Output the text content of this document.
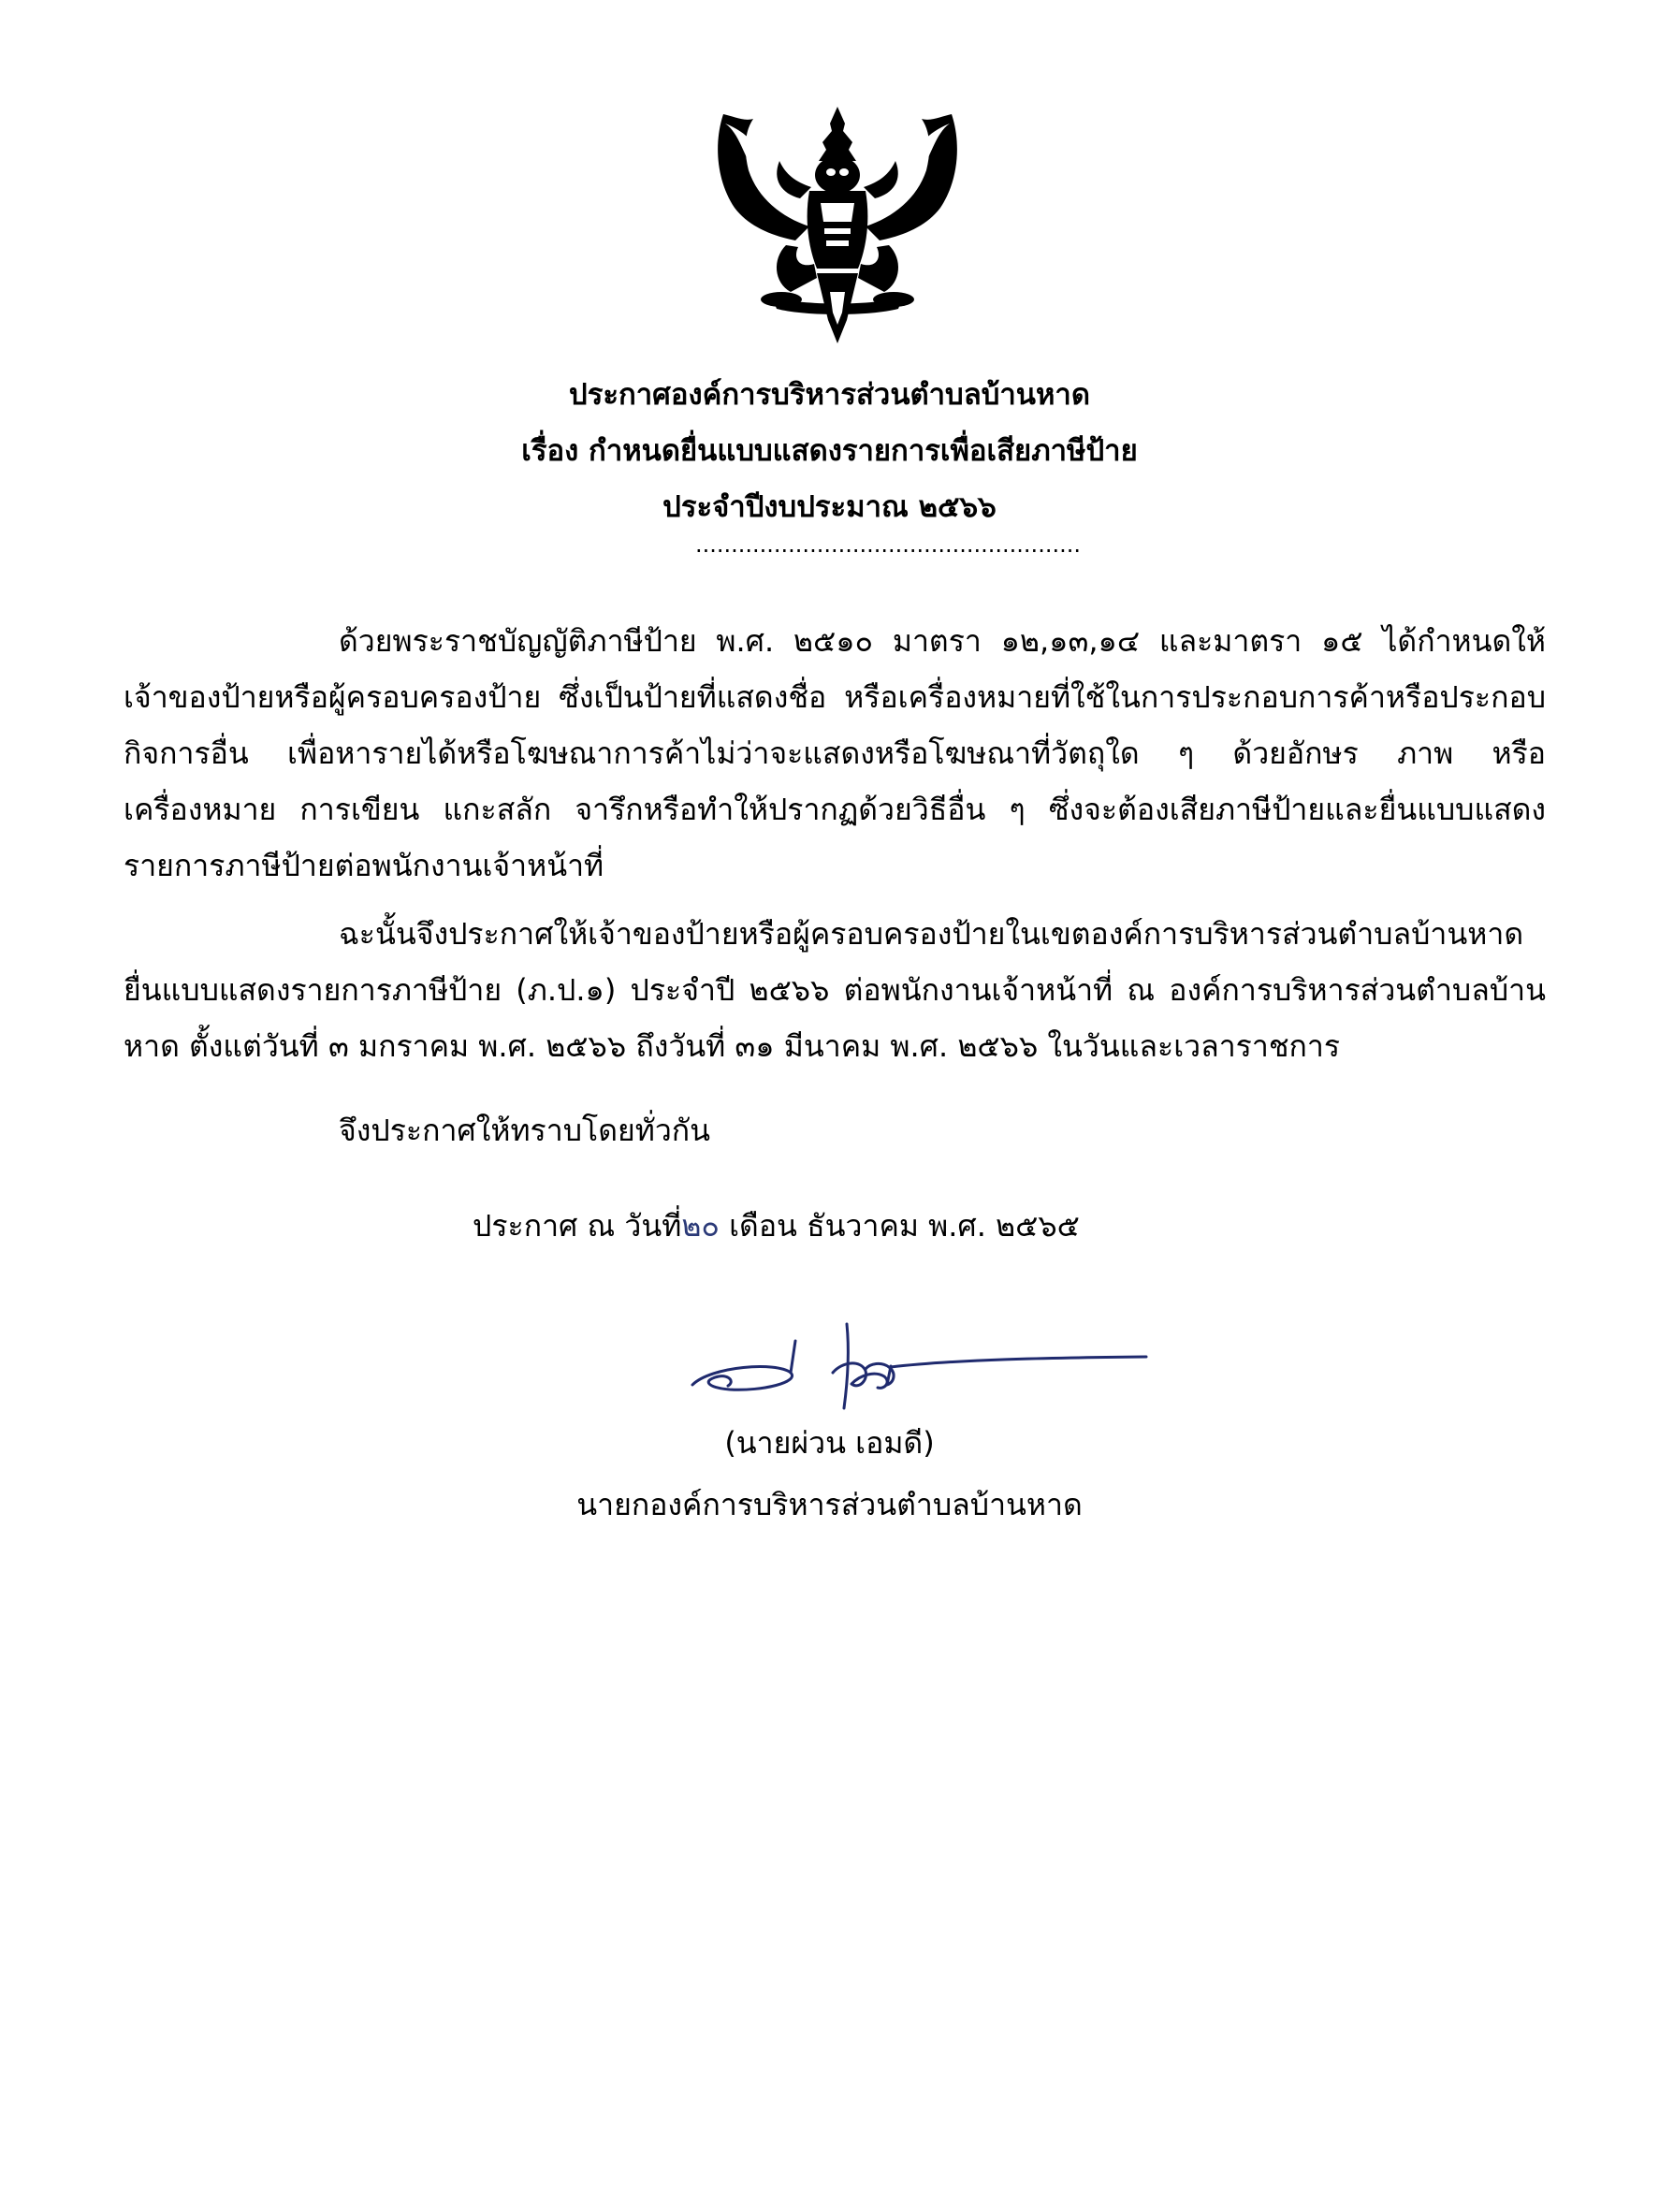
ประกาศองค์การบริหารส่วนตำบลบ้านหาด
เรื่อง กำหนดยื่นแบบแสดงรายการเพื่อเสียภาษีป้าย
ประจำปีงบประมาณ ๒๕๖๖
......................................................
ด้วยพระราชบัญญัติภาษีป้าย พ.ศ. ๒๕๑๐ มาตรา ๑๒,๑๓,๑๔ และมาตรา ๑๕ ได้กำหนดให้เจ้าของป้ายหรือผู้ครอบครองป้าย ซึ่งเป็นป้ายที่แสดงชื่อ หรือเครื่องหมายที่ใช้ในการประกอบการค้าหรือประกอบกิจการอื่น เพื่อหารายได้หรือโฆษณาการค้าไม่ว่าจะแสดงหรือโฆษณาที่วัตถุใด ๆ ด้วยอักษร ภาพ หรือเครื่องหมาย การเขียน แกะสลัก จารึกหรือทำให้ปรากฏด้วยวิธีอื่น ๆ ซึ่งจะต้องเสียภาษีป้ายและยื่นแบบแสดงรายการภาษีป้ายต่อพนักงานเจ้าหน้าที่
ฉะนั้นจึงประกาศให้เจ้าของป้ายหรือผู้ครอบครองป้ายในเขตองค์การบริหารส่วนตำบลบ้านหาด ยื่นแบบแสดงรายการภาษีป้าย (ภ.ป.๑) ประจำปี ๒๕๖๖ ต่อพนักงานเจ้าหน้าที่ ณ องค์การบริหารส่วนตำบลบ้านหาด ตั้งแต่วันที่ ๓ มกราคม พ.ศ. ๒๕๖๖ ถึงวันที่ ๓๑ มีนาคม พ.ศ. ๒๕๖๖ ในวันและเวลาราชการ
จึงประกาศให้ทราบโดยทั่วกัน
ประกาศ ณ วันที่๒๐ เดือน ธันวาคม พ.ศ. ๒๕๖๕
(นายผ่วน เอมดี)
นายกองค์การบริหารส่วนตำบลบ้านหาด
